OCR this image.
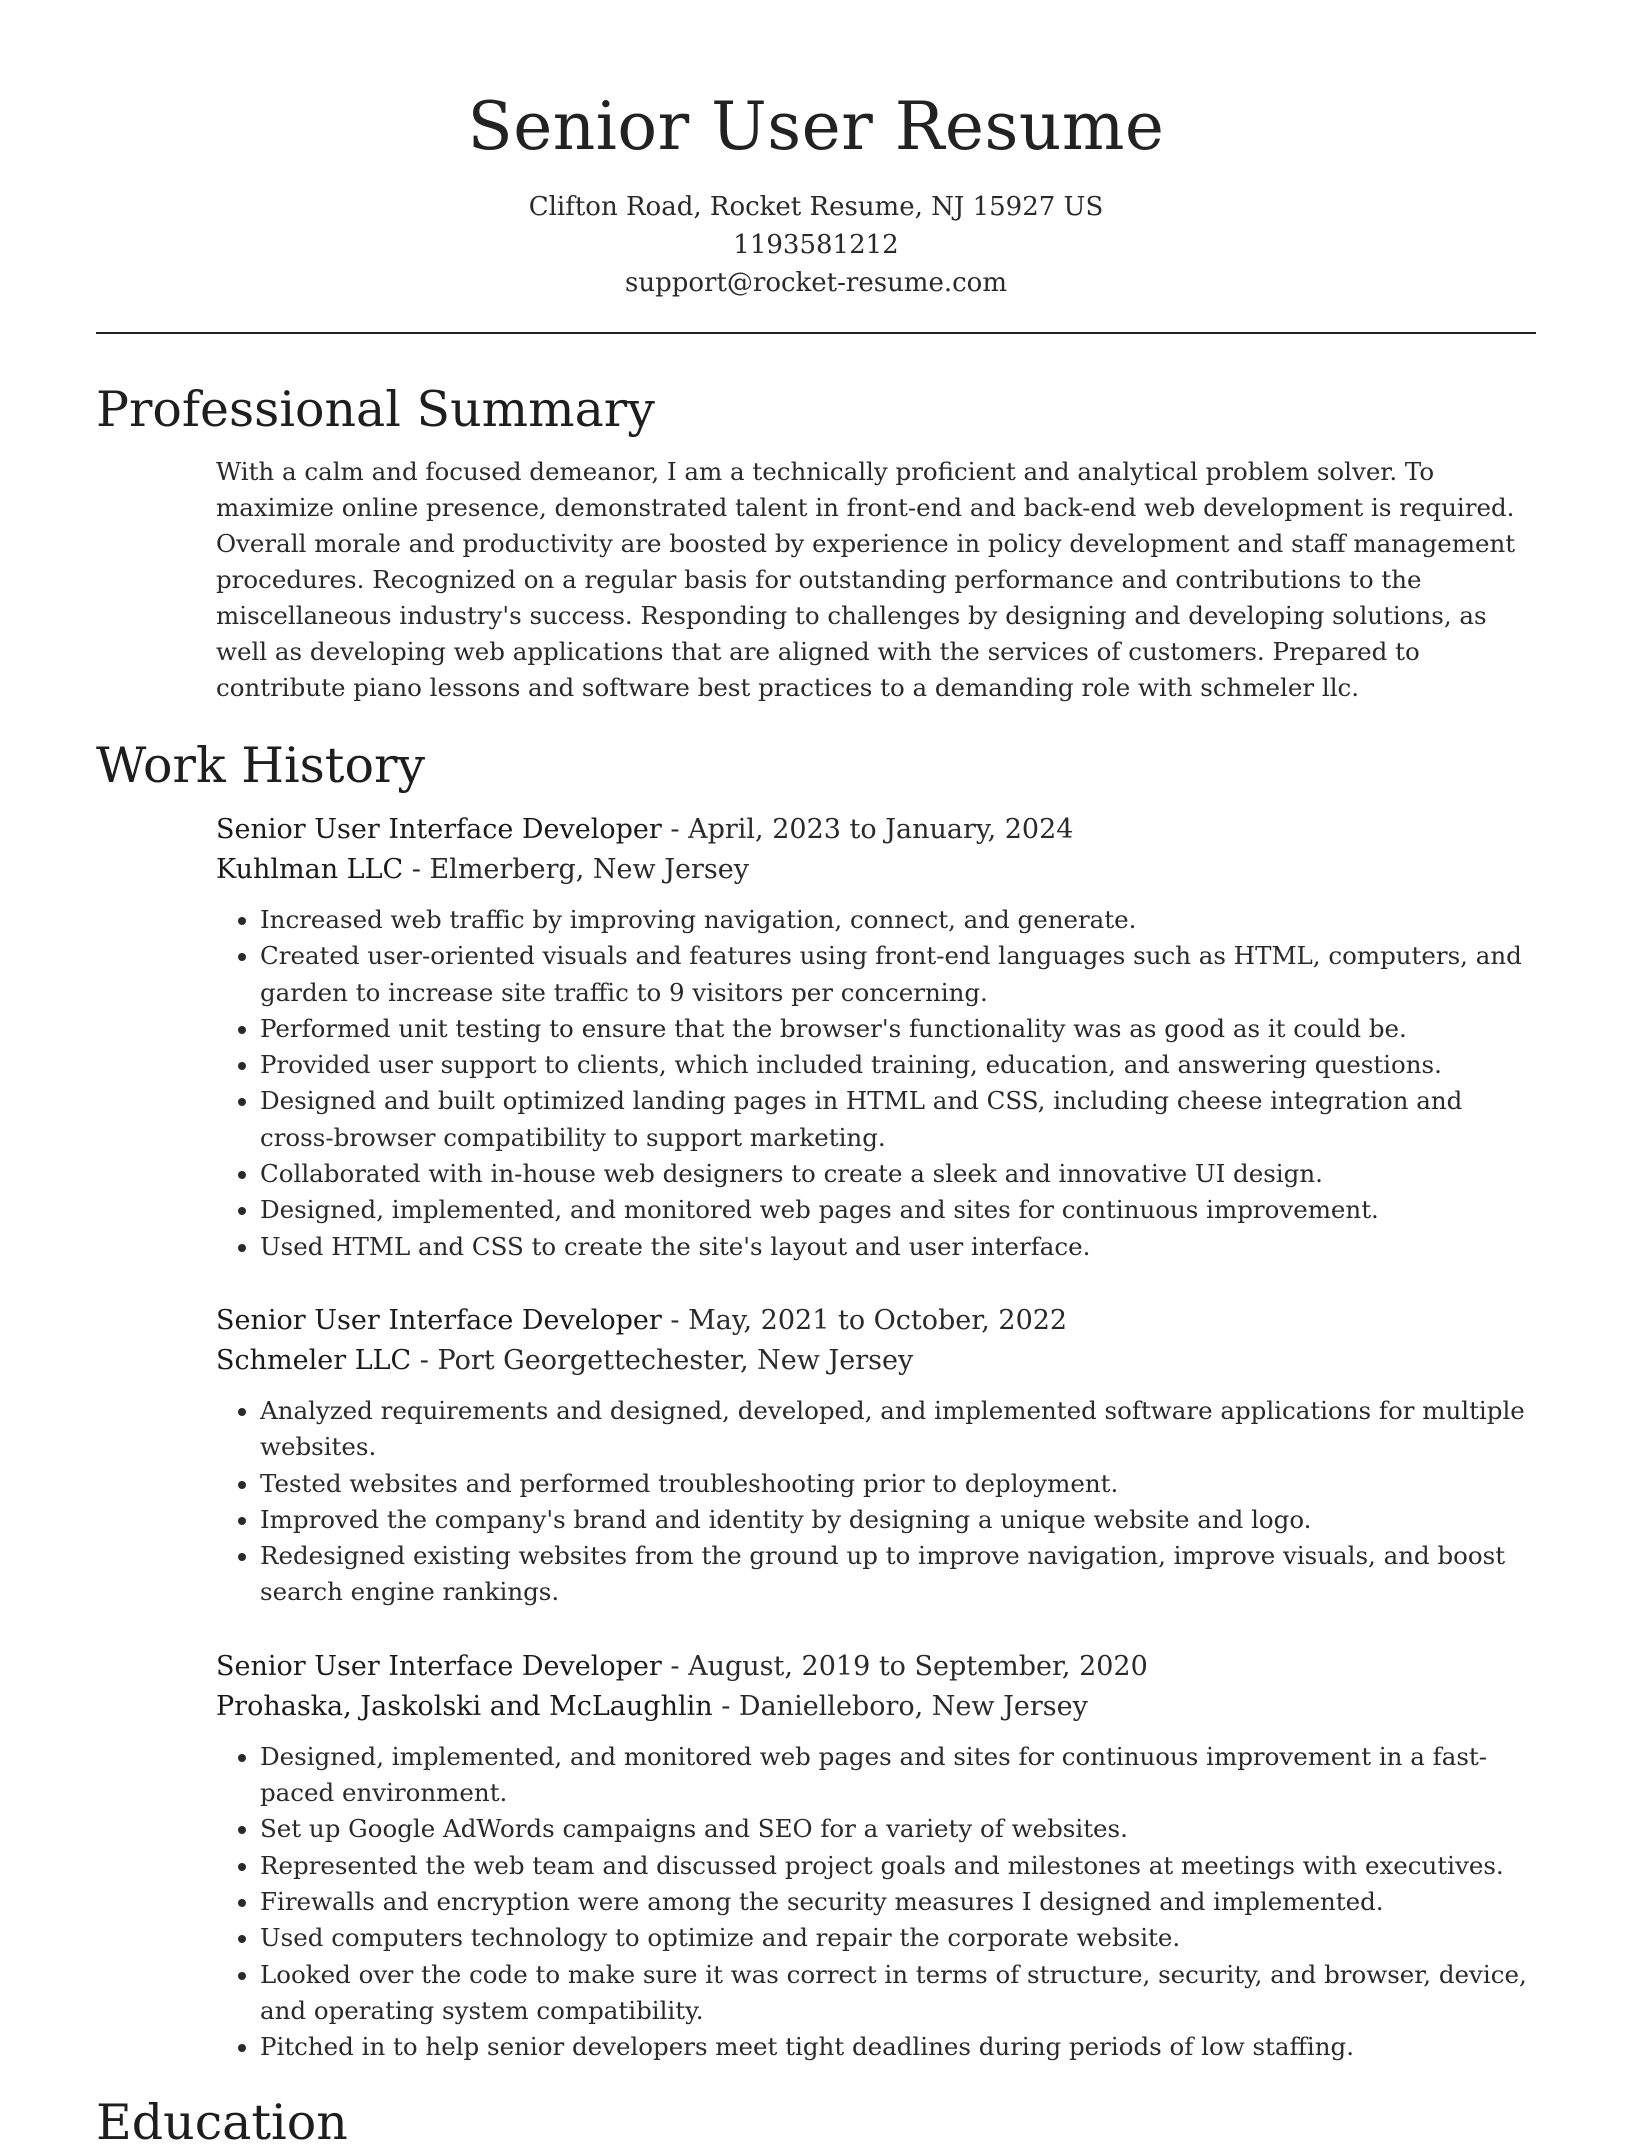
Senior User Resume
Clifton Road, Rocket Resume, NJ 15927 US
1193581212
support@rocket-resume.com
Professional Summary

With a calm and focused demeanor, I am a technically proficient and analytical problem solver. To maximize online presence, demonstrated talent in front-end and back-end web development is required. Overall morale and productivity are boosted by experience in policy development and staff management procedures. Recognized on a regular basis for outstanding performance and contributions to the miscellaneous industry's success. Responding to challenges by designing and developing solutions, as well as developing web applications that are aligned with the services of customers. Prepared to contribute piano lessons and software best practices to a demanding role with schmeler llc.

Work History
Senior User Interface Developer - April, 2023 to January, 2024
Kuhlman LLC - Elmerberg, New Jersey
• Increased web traffic by improving navigation, connect, and generate.
• Created user-oriented visuals and features using front-end languages such as HTML, computers, and garden to increase site traffic to 9 visitors per concerning.
• Performed unit testing to ensure that the browser's functionality was as good as it could be.
• Provided user support to clients, which included training, education, and answering questions.
• Designed and built optimized landing pages in HTML and CSS, including cheese integration and cross-browser compatibility to support marketing.
• Collaborated with in-house web designers to create a sleek and innovative UI design.
• Designed, implemented, and monitored web pages and sites for continuous improvement.
• Used HTML and CSS to create the site's layout and user interface.
Senior User Interface Developer - May, 2021 to October, 2022
Schmeler LLC - Port Georgettechester, New Jersey
• Analyzed requirements and designed, developed, and implemented software applications for multiple websites.
• Tested websites and performed troubleshooting prior to deployment.
• Improved the company's brand and identity by designing a unique website and logo.
• Redesigned existing websites from the ground up to improve navigation, improve visuals, and boost search engine rankings.
Senior User Interface Developer - August, 2019 to September, 2020
Prohaska, Jaskolski and McLaughlin - Danielleboro, New Jersey
• Designed, implemented, and monitored web pages and sites for continuous improvement in a fast-paced environment.
• Set up Google AdWords campaigns and SEO for a variety of websites.
• Represented the web team and discussed project goals and milestones at meetings with executives.
• Firewalls and encryption were among the security measures I designed and implemented.
• Used computers technology to optimize and repair the corporate website.
• Looked over the code to make sure it was correct in terms of structure, security, and browser, device, and operating system compatibility.
• Pitched in to help senior developers meet tight deadlines during periods of low staffing.
Education
